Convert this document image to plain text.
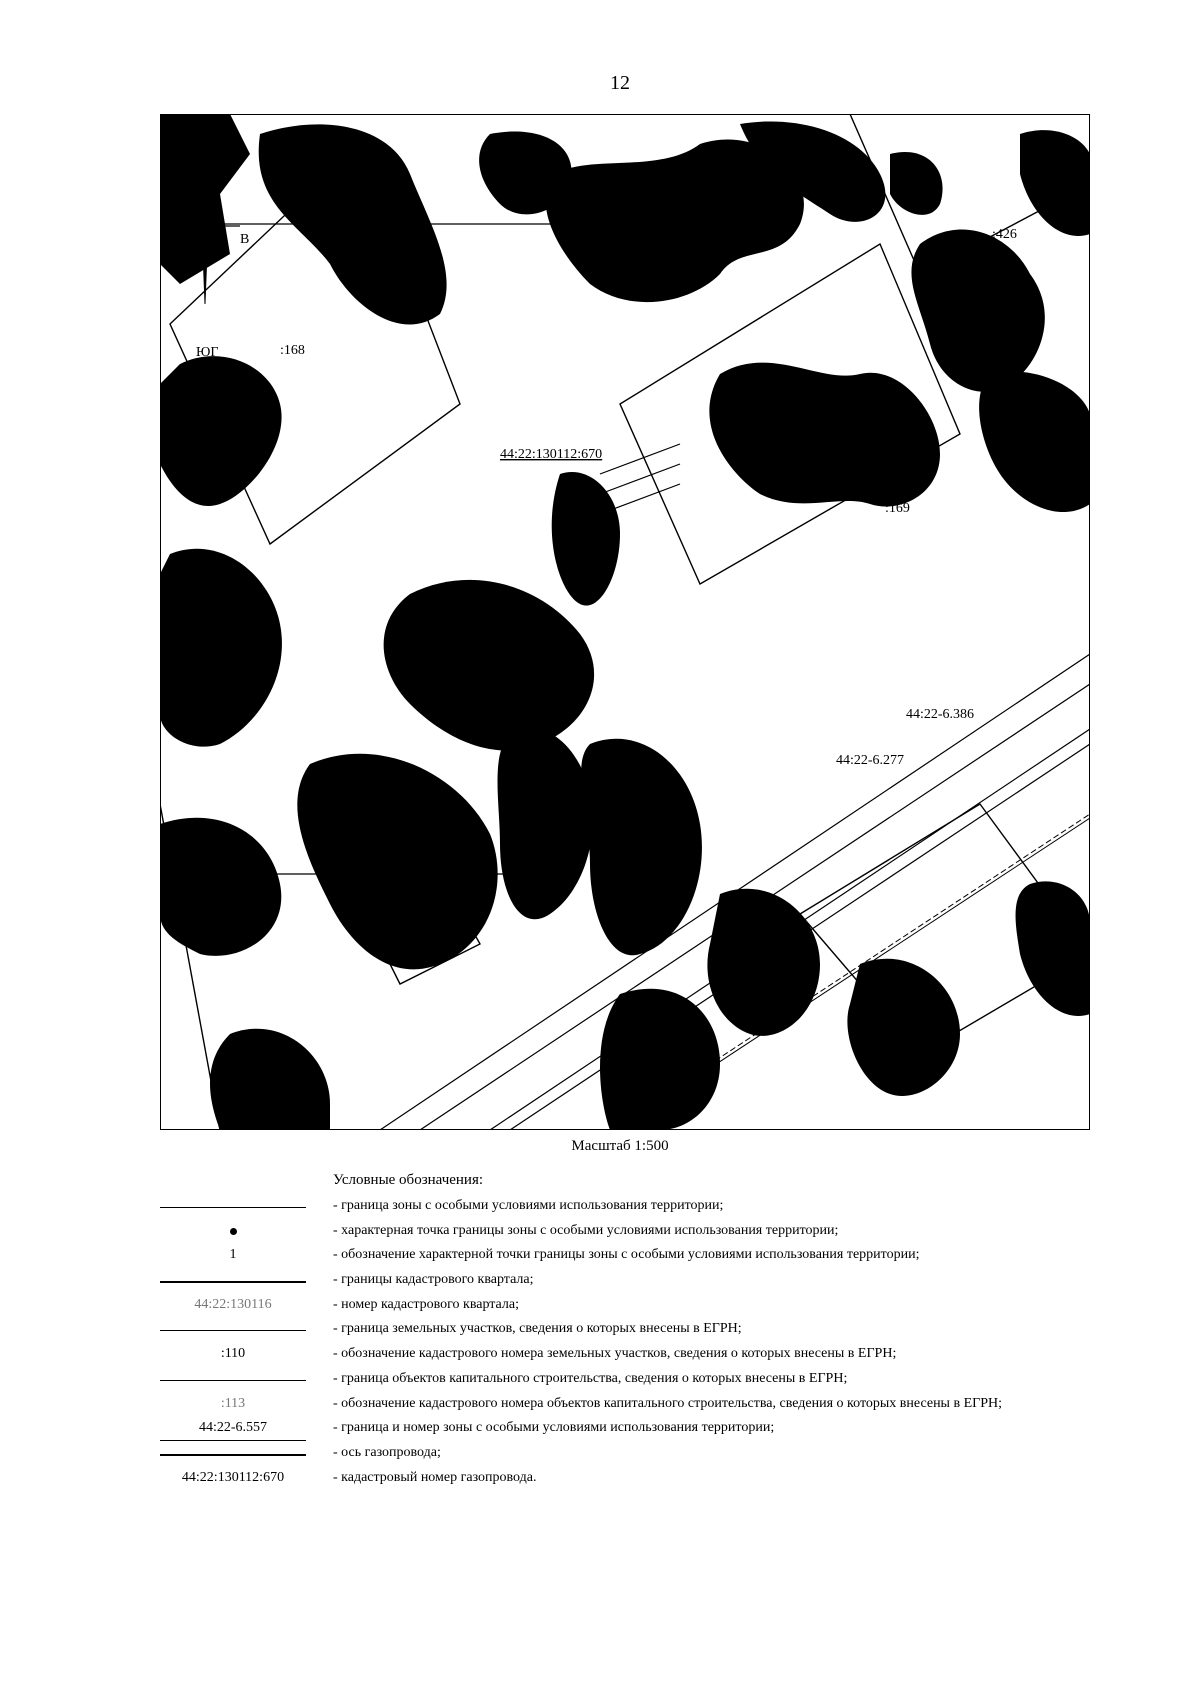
12
С
В
ЮГ	:168
:426
:169
:422
44:22:130112:670
4
44:22:130112
44:22-6.386
44:22-6.277
Масштаб 1:500
Условные обозначения:
- граница зоны с особыми условиями использования территории;
- характерная точка границы зоны с особыми условиями использования территории;
1	- обозначение характерной точки границы зоны с особыми условиями использования территории;
- границы кадастрового квартала;
44:22:130116	- номер кадастрового квартала;
- граница земельных участков, сведения о которых внесены в ЕГРН;
:110	- обозначение кадастрового номера земельных участков, сведения о которых внесены в ЕГРН;
- граница объектов капитального строительства, сведения о которых внесены в ЕГРН;
:113	- обозначение кадастрового номера объектов капитального строительства, сведения о которых внесены в ЕГРН;
44:22-6.557	- граница и номер зоны с особыми условиями использования территории;
- ось газопровода;
44:22:130112:670	- кадастровый номер газопровода.
